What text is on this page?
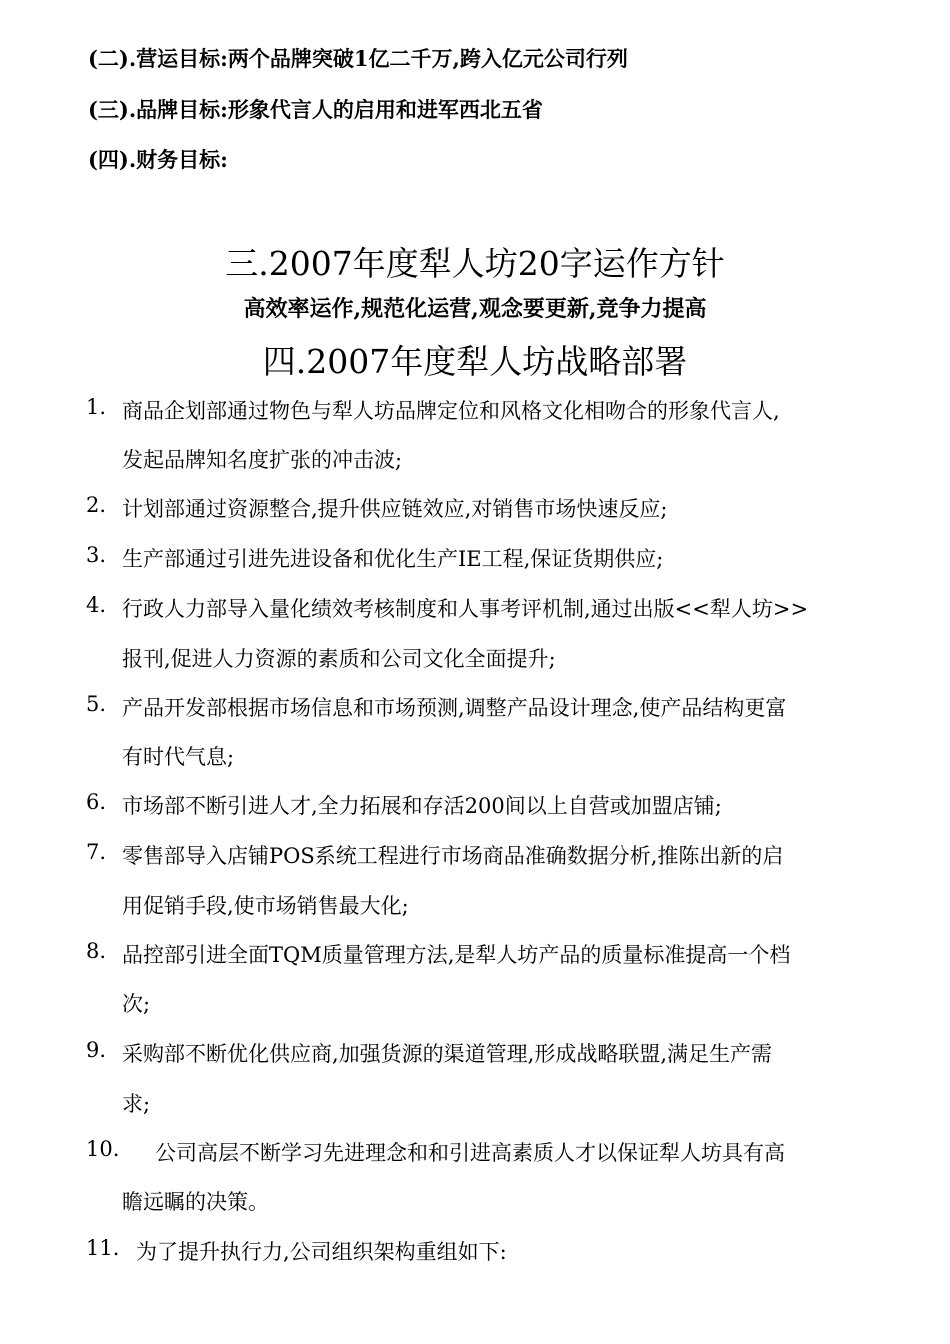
(二).营运目标:两个品牌突破1亿二千万,跨入亿元公司行列
(三).品牌目标:形象代言人的启用和进军西北五省
(四).财务目标:
三.2007年度犁人坊20字运作方针
高效率运作,规范化运营,观念要更新,竞争力提高
四.2007年度犁人坊战略部署
1. 商品企划部通过物色与犁人坊品牌定位和风格文化相吻合的形象代言人,
发起品牌知名度扩张的冲击波;
2. 计划部通过资源整合,提升供应链效应,对销售市场快速反应;
3. 生产部通过引进先进设备和优化生产IE工程,保证货期供应;
4. 行政人力部导入量化绩效考核制度和人事考评机制,通过出版<<犁人坊>>
报刊,促进人力资源的素质和公司文化全面提升;
5. 产品开发部根据市场信息和市场预测,调整产品设计理念,使产品结构更富
有时代气息;
6. 市场部不断引进人才,全力拓展和存活200间以上自营或加盟店铺;
7. 零售部导入店铺POS系统工程进行市场商品准确数据分析,推陈出新的启
用促销手段,使市场销售最大化;
8. 品控部引进全面TQM质量管理方法,是犁人坊产品的质量标准提高一个档
次;
9. 采购部不断优化供应商,加强货源的渠道管理,形成战略联盟,满足生产需
求;
10. 公司高层不断学习先进理念和和引进高素质人才以保证犁人坊具有高
瞻远瞩的决策。
11. 为了提升执行力,公司组织架构重组如下:
